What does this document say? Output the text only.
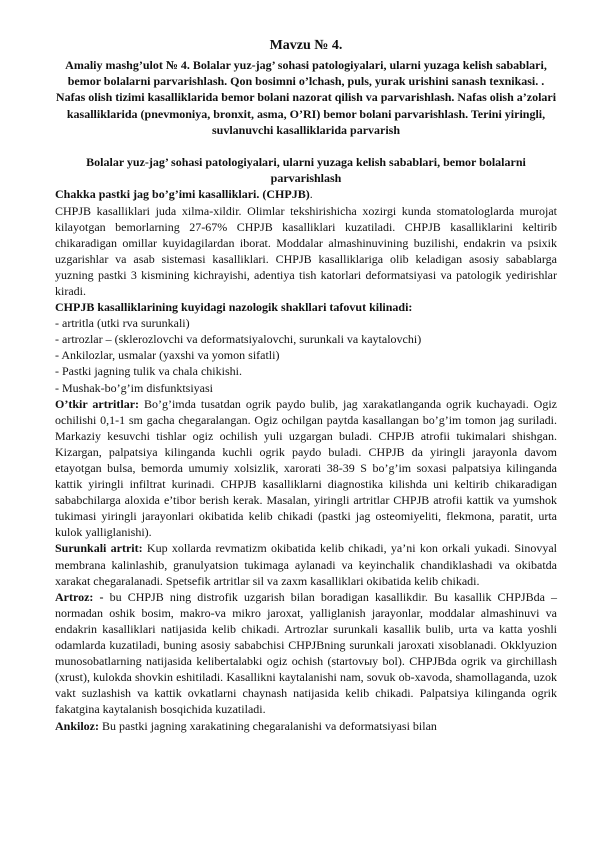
Mavzu № 4.
Amaliy mashg’ulot № 4. Bolalar yuz-jag’ sohasi patologiyalari, ularni yuzaga kelish sabablari, bemor bolalarni parvarishlash. Qon bosimni o’lchash, puls, yurak urishini sanash texnikasi. . Nafas olish tizimi kasalliklarida bemor bolani nazorat qilish va parvarishlash. Nafas olish a’zolari kasalliklarida (pnevmoniya, bronxit, asma, O’RI) bemor bolani parvarishlash. Terini yiringli, suvlanuvchi kasalliklarida parvarish
Bolalar yuz-jag’ sohasi patologiyalari, ularni yuzaga kelish sabablari, bemor bolalarni parvarishlash

Chakka pastki jag bo’g’imi kasalliklari. (CHPJB).

CHPJB kasalliklari juda xilma-xildir. Olimlar tekshirishicha xozirgi kunda stomatologlarda murojat kilayotgan bemorlarning 27-67% CHPJB kasalliklari kuzatiladi. CHPJB kasalliklarini keltirib chikaradigan omillar kuyidagilardan iborat. Moddalar almashinuvining buzilishi, endakrin va psixik uzgarishlar va asab sistemasi kasalliklari. CHPJB kasalliklariga olib keladigan asosiy sabablarga yuzning pastki 3 kismining kichrayishi, adentiya tish katorlari deformatsiyasi va patologik yedirishlar kiradi.

CHPJB kasalliklarining kuyidagi nazologik shakllari tafovut kilinadi:

- artritla (utki rva surunkali)
- artrozlar – (sklerozlovchi va deformatsiyalovchi, surunkali va kaytalovchi)
- Ankilozlar, usmalar (yaxshi va yomon sifatli)
- Pastki jagning tulik va chala chikishi.
- Mushak-bo’g’im disfunktsiyasi

O’tkir artritlar: Bo’g’imda tusatdan ogrik paydo bulib, jag xarakatlanganda ogrik kuchayadi. Ogiz ochilishi 0,1-1 sm gacha chegaralangan. Ogiz ochilgan paytda kasallangan bo’g’im tomon jag suriladi. Markaziy kesuvchi tishlar ogiz ochilish yuli uzgargan buladi. CHPJB atrofii tukimalari shishgan. Kizargan, palpatsiya kilinganda kuchli ogrik paydo buladi. CHPJB da yiringli jarayonla davom etayotgan bulsa, bemorda umumiy xolsizlik, xarorati 38-39 S bo’g’im soxasi palpatsiya kilinganda kattik yiringli infiltrat kurinadi. CHPJB kasalliklarni diagnostika kilishda uni keltirib chikaradigan sababchilarga aloxida e’tibor berish kerak. Masalan, yiringli artritlar CHPJB atrofii kattik va yumshok tukimasi yiringli jarayonlari okibatida kelib chikadi (pastki jag osteomiyeliti, flekmona, paratit, urta kulok yalliglanishi).

Surunkali artrit: Kup xollarda revmatizm okibatida kelib chikadi, ya’ni kon orkali yukadi. Sinovyal membrana kalinlashib, granulyatsion tukimaga aylanadi va keyinchalik chandiklashadi va okibatda xarakat chegaralanadi. Spetsefik artritlar sil va zaxm kasalliklari okibatida kelib chikadi.

Artroz: - bu CHPJB ning distrofik uzgarish bilan boradigan kasallikdir. Bu kasallik CHPJBda – normadan oshik bosim, makro-va mikro jaroxat, yalliglanish jarayonlar, moddalar almashinuvi va endakrin kasalliklari natijasida kelib chikadi. Artrozlar surunkali kasallik bulib, urta va katta yoshli odamlarda kuzatiladi, buning asosiy sababchisi CHPJBning surunkali jaroxati xisoblanadi. Okklyuzion munosobatlarning natijasida kelibertalabki ogiz ochish (startovыy bol). CHPJBda ogrik va girchillash (xrust), kulokda shovkin eshitiladi. Kasallikni kaytalanishi nam, sovuk ob-xavoda, shamollaganda, uzok vakt suzlashish va kattik ovkatlarni chaynash natijasida kelib chikadi. Palpatsiya kilinganda ogrik fakatgina kaytalanish bosqichida kuzatiladi.

Ankiloz: Bu pastki jagning xarakatining chegaralanishi va deformatsiyasi bilan
